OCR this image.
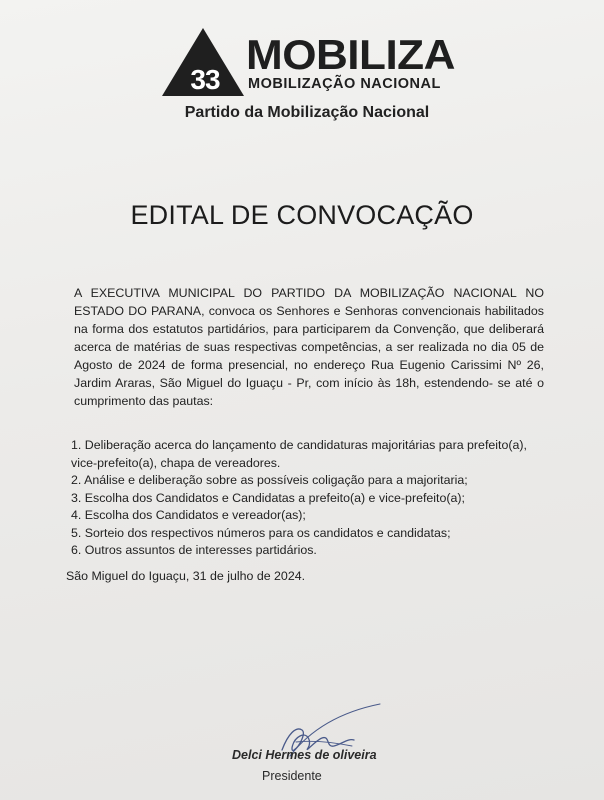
33
MOBILIZA
MOBILIZAÇÃO NACIONAL
Partido da Mobilização Nacional
EDITAL DE CONVOCAÇÃO

A EXECUTIVA MUNICIPAL DO PARTIDO DA MOBILIZAÇÃO NACIONAL NO ESTADO DO PARANA, convoca os Senhores e Senhoras convencionais habilitados na forma dos estatutos partidários, para participarem da Convenção, que deliberará acerca de matérias de suas respectivas competências, a ser realizada no dia 05 de Agosto de 2024 de forma presencial, no endereço Rua Eugenio Carissimi Nº 26, Jardim Araras, São Miguel do Iguaçu - Pr, com início às 18h, estendendo- se até o cumprimento das pautas:

1. Deliberação acerca do lançamento de candidaturas majoritárias para prefeito(a), vice-prefeito(a), chapa de vereadores.
2. Análise e deliberação sobre as possíveis coligação para a majoritaria;
3. Escolha dos Candidatos e Candidatas a prefeito(a) e vice-prefeito(a);
4. Escolha dos Candidatos e vereador(as);
5. Sorteio dos respectivos números para os candidatos e candidatas;
6. Outros assuntos de interesses partidários.
São Miguel do Iguaçu, 31 de julho de 2024.
Delci Hermes de oliveira
Presidente
